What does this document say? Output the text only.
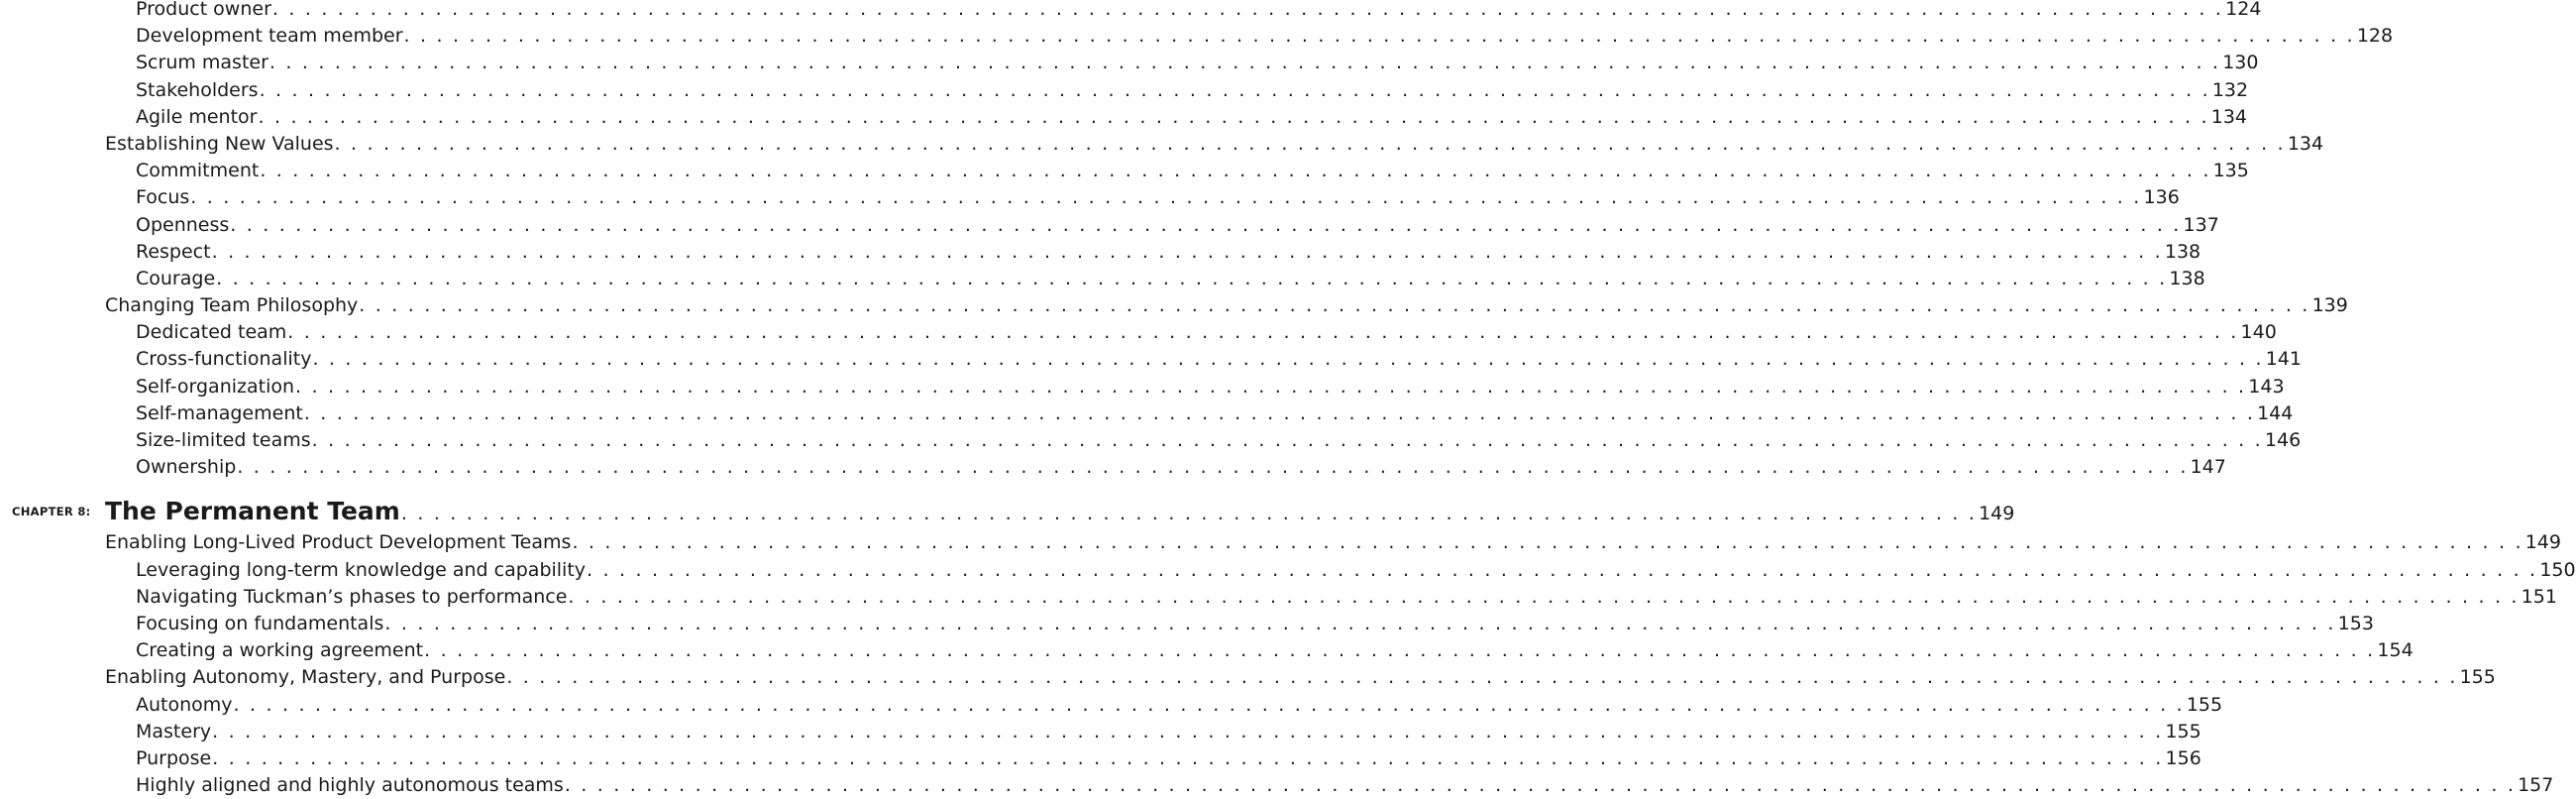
Product owner . . . . . . . . . . . . . . . . . . . . . . . . . . . . . . . . . . . . . . . . . . . . . . . . . . . . . . . . . . . . . . . . . . . . . . . . . . . . . . . . . . . . . . . . . . . . . . . . . . . . . . . . . . . . . . . . . . . . . . . . 124
Development team member . . . . . . . . . . . . . . . . . . . . . . . . . . . . . . . . . . . . . . . . . . . . . . . . . . . . . . . . . . . . . . . . . . . . . . . . . . . . . . . . . . . . . . . . . . . . . . . . . . . . . . . . . . . . . . . . . . . . . . . . 128
Scrum master . . . . . . . . . . . . . . . . . . . . . . . . . . . . . . . . . . . . . . . . . . . . . . . . . . . . . . . . . . . . . . . . . . . . . . . . . . . . . . . . . . . . . . . . . . . . . . . . . . . . . . . . . . . . . . . . . . . . . . . . 130
Stakeholders . . . . . . . . . . . . . . . . . . . . . . . . . . . . . . . . . . . . . . . . . . . . . . . . . . . . . . . . . . . . . . . . . . . . . . . . . . . . . . . . . . . . . . . . . . . . . . . . . . . . . . . . . . . . . . . . . . . . . . . . 132
Agile mentor . . . . . . . . . . . . . . . . . . . . . . . . . . . . . . . . . . . . . . . . . . . . . . . . . . . . . . . . . . . . . . . . . . . . . . . . . . . . . . . . . . . . . . . . . . . . . . . . . . . . . . . . . . . . . . . . . . . . . . . . 134
Establishing New Values . . . . . . . . . . . . . . . . . . . . . . . . . . . . . . . . . . . . . . . . . . . . . . . . . . . . . . . . . . . . . . . . . . . . . . . . . . . . . . . . . . . . . . . . . . . . . . . . . . . . . . . . . . . . . . . . . . . . . . . . 134
Commitment . . . . . . . . . . . . . . . . . . . . . . . . . . . . . . . . . . . . . . . . . . . . . . . . . . . . . . . . . . . . . . . . . . . . . . . . . . . . . . . . . . . . . . . . . . . . . . . . . . . . . . . . . . . . . . . . . . . . . . . . 135
Focus . . . . . . . . . . . . . . . . . . . . . . . . . . . . . . . . . . . . . . . . . . . . . . . . . . . . . . . . . . . . . . . . . . . . . . . . . . . . . . . . . . . . . . . . . . . . . . . . . . . . . . . . . . . . . . . . . . . . . . . . 136
Openness . . . . . . . . . . . . . . . . . . . . . . . . . . . . . . . . . . . . . . . . . . . . . . . . . . . . . . . . . . . . . . . . . . . . . . . . . . . . . . . . . . . . . . . . . . . . . . . . . . . . . . . . . . . . . . . . . . . . . . . . 137
Respect . . . . . . . . . . . . . . . . . . . . . . . . . . . . . . . . . . . . . . . . . . . . . . . . . . . . . . . . . . . . . . . . . . . . . . . . . . . . . . . . . . . . . . . . . . . . . . . . . . . . . . . . . . . . . . . . . . . . . . . . 138
Courage . . . . . . . . . . . . . . . . . . . . . . . . . . . . . . . . . . . . . . . . . . . . . . . . . . . . . . . . . . . . . . . . . . . . . . . . . . . . . . . . . . . . . . . . . . . . . . . . . . . . . . . . . . . . . . . . . . . . . . . . 138
Changing Team Philosophy . . . . . . . . . . . . . . . . . . . . . . . . . . . . . . . . . . . . . . . . . . . . . . . . . . . . . . . . . . . . . . . . . . . . . . . . . . . . . . . . . . . . . . . . . . . . . . . . . . . . . . . . . . . . . . . . . . . . . . . . 139
Dedicated team . . . . . . . . . . . . . . . . . . . . . . . . . . . . . . . . . . . . . . . . . . . . . . . . . . . . . . . . . . . . . . . . . . . . . . . . . . . . . . . . . . . . . . . . . . . . . . . . . . . . . . . . . . . . . . . . . . . . . . . . 140
Cross-functionality . . . . . . . . . . . . . . . . . . . . . . . . . . . . . . . . . . . . . . . . . . . . . . . . . . . . . . . . . . . . . . . . . . . . . . . . . . . . . . . . . . . . . . . . . . . . . . . . . . . . . . . . . . . . . . . . . . . . . . . . 141
Self-organization . . . . . . . . . . . . . . . . . . . . . . . . . . . . . . . . . . . . . . . . . . . . . . . . . . . . . . . . . . . . . . . . . . . . . . . . . . . . . . . . . . . . . . . . . . . . . . . . . . . . . . . . . . . . . . . . . . . . . . . . 143
Self-management . . . . . . . . . . . . . . . . . . . . . . . . . . . . . . . . . . . . . . . . . . . . . . . . . . . . . . . . . . . . . . . . . . . . . . . . . . . . . . . . . . . . . . . . . . . . . . . . . . . . . . . . . . . . . . . . . . . . . . . . 144
Size-limited teams . . . . . . . . . . . . . . . . . . . . . . . . . . . . . . . . . . . . . . . . . . . . . . . . . . . . . . . . . . . . . . . . . . . . . . . . . . . . . . . . . . . . . . . . . . . . . . . . . . . . . . . . . . . . . . . . . . . . . . . . 146
Ownership . . . . . . . . . . . . . . . . . . . . . . . . . . . . . . . . . . . . . . . . . . . . . . . . . . . . . . . . . . . . . . . . . . . . . . . . . . . . . . . . . . . . . . . . . . . . . . . . . . . . . . . . . . . . . . . . . . . . . . . . 147
CHAPTER 8: The Permanent Team . . . . . . . . . . . . . . . . . . . . . . . . . . . . . . . . . . . . . . . . . . . . . . . . . . . . . . . . . . . . . . . . . . . . . . . . . . . . . . . . . . . . . . . . . . . . . . . . . 149
Enabling Long-Lived Product Development Teams . . . . . . . . . . . . . . . . . . . . . . . . . . . . . . . . . . . . . . . . . . . . . . . . . . . . . . . . . . . . . . . . . . . . . . . . . . . . . . . . . . . . . . . . . . . . . . . . . . . . . . . . . . . . . . . . . . . . . . . . 149
Leveraging long-term knowledge and capability . . . . . . . . . . . . . . . . . . . . . . . . . . . . . . . . . . . . . . . . . . . . . . . . . . . . . . . . . . . . . . . . . . . . . . . . . . . . . . . . . . . . . . . . . . . . . . . . . . . . . . . . . . . . . . . . . . . . . . . . 150
Navigating Tuckman’s phases to performance . . . . . . . . . . . . . . . . . . . . . . . . . . . . . . . . . . . . . . . . . . . . . . . . . . . . . . . . . . . . . . . . . . . . . . . . . . . . . . . . . . . . . . . . . . . . . . . . . . . . . . . . . . . . . . . . . . . . . . . . 151
Focusing on fundamentals . . . . . . . . . . . . . . . . . . . . . . . . . . . . . . . . . . . . . . . . . . . . . . . . . . . . . . . . . . . . . . . . . . . . . . . . . . . . . . . . . . . . . . . . . . . . . . . . . . . . . . . . . . . . . . . . . . . . . . . . 153
Creating a working agreement . . . . . . . . . . . . . . . . . . . . . . . . . . . . . . . . . . . . . . . . . . . . . . . . . . . . . . . . . . . . . . . . . . . . . . . . . . . . . . . . . . . . . . . . . . . . . . . . . . . . . . . . . . . . . . . . . . . . . . . . 154
Enabling Autonomy, Mastery, and Purpose . . . . . . . . . . . . . . . . . . . . . . . . . . . . . . . . . . . . . . . . . . . . . . . . . . . . . . . . . . . . . . . . . . . . . . . . . . . . . . . . . . . . . . . . . . . . . . . . . . . . . . . . . . . . . . . . . . . . . . . . 155
Autonomy . . . . . . . . . . . . . . . . . . . . . . . . . . . . . . . . . . . . . . . . . . . . . . . . . . . . . . . . . . . . . . . . . . . . . . . . . . . . . . . . . . . . . . . . . . . . . . . . . . . . . . . . . . . . . . . . . . . . . . . . 155
Mastery . . . . . . . . . . . . . . . . . . . . . . . . . . . . . . . . . . . . . . . . . . . . . . . . . . . . . . . . . . . . . . . . . . . . . . . . . . . . . . . . . . . . . . . . . . . . . . . . . . . . . . . . . . . . . . . . . . . . . . . . 155
Purpose . . . . . . . . . . . . . . . . . . . . . . . . . . . . . . . . . . . . . . . . . . . . . . . . . . . . . . . . . . . . . . . . . . . . . . . . . . . . . . . . . . . . . . . . . . . . . . . . . . . . . . . . . . . . . . . . . . . . . . . . 156
Highly aligned and highly autonomous teams . . . . . . . . . . . . . . . . . . . . . . . . . . . . . . . . . . . . . . . . . . . . . . . . . . . . . . . . . . . . . . . . . . . . . . . . . . . . . . . . . . . . . . . . . . . . . . . . . . . . . . . . . . . . . . . . . . . . . . . . 157
